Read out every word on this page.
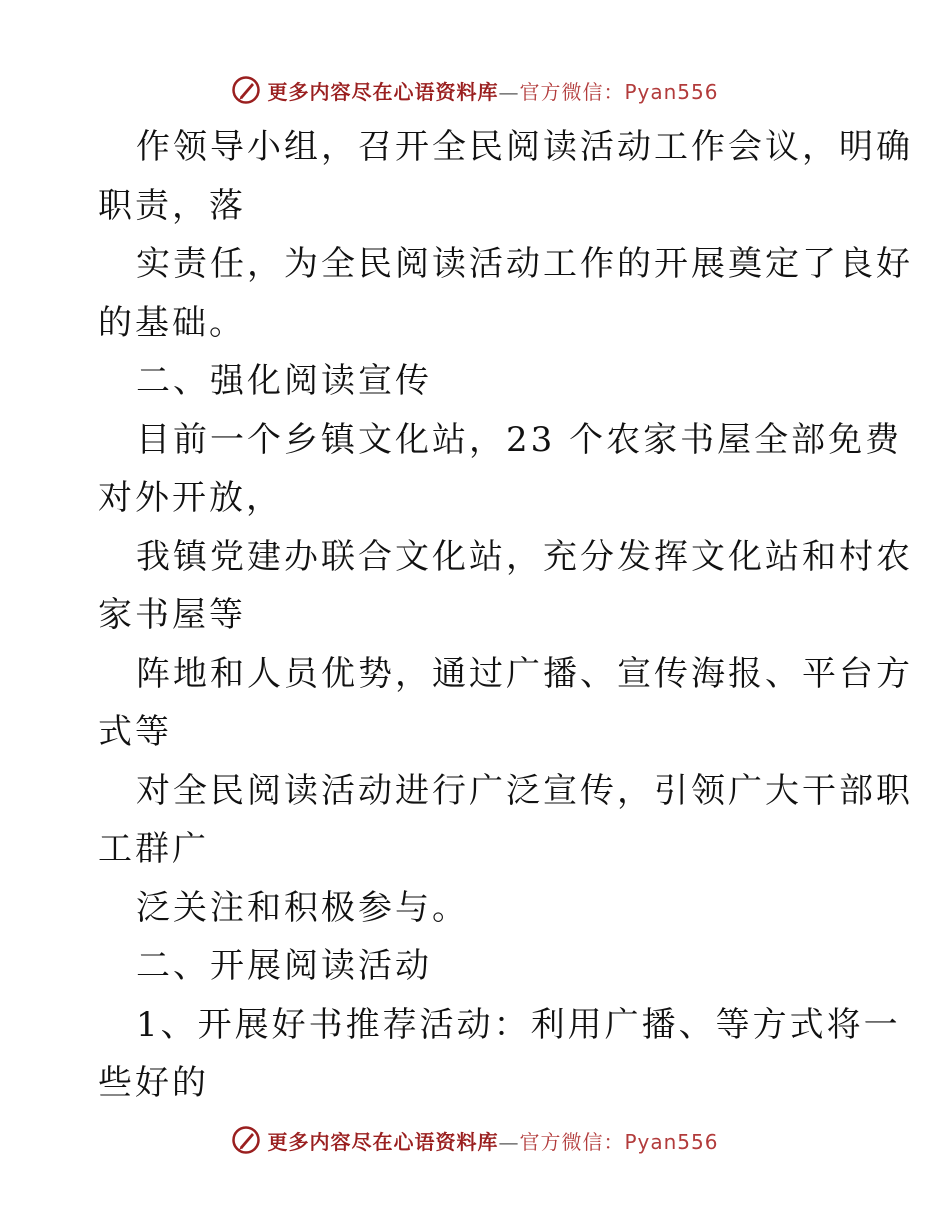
更多内容尽在心语资料库—官方微信：Pyan556
作领导小组，召开全民阅读活动工作会议，明确
职责，落
实责任，为全民阅读活动工作的开展奠定了良好
的基础。
二、强化阅读宣传
目前一个乡镇文化站，23 个农家书屋全部免费
对外开放，
我镇党建办联合文化站，充分发挥文化站和村农
家书屋等
阵地和人员优势，通过广播、宣传海报、平台方
式等
对全民阅读活动进行广泛宣传，引领广大干部职
工群广
泛关注和积极参与。
二、开展阅读活动
1、开展好书推荐活动：利用广播、等方式将一
些好的
更多内容尽在心语资料库—官方微信：Pyan556
